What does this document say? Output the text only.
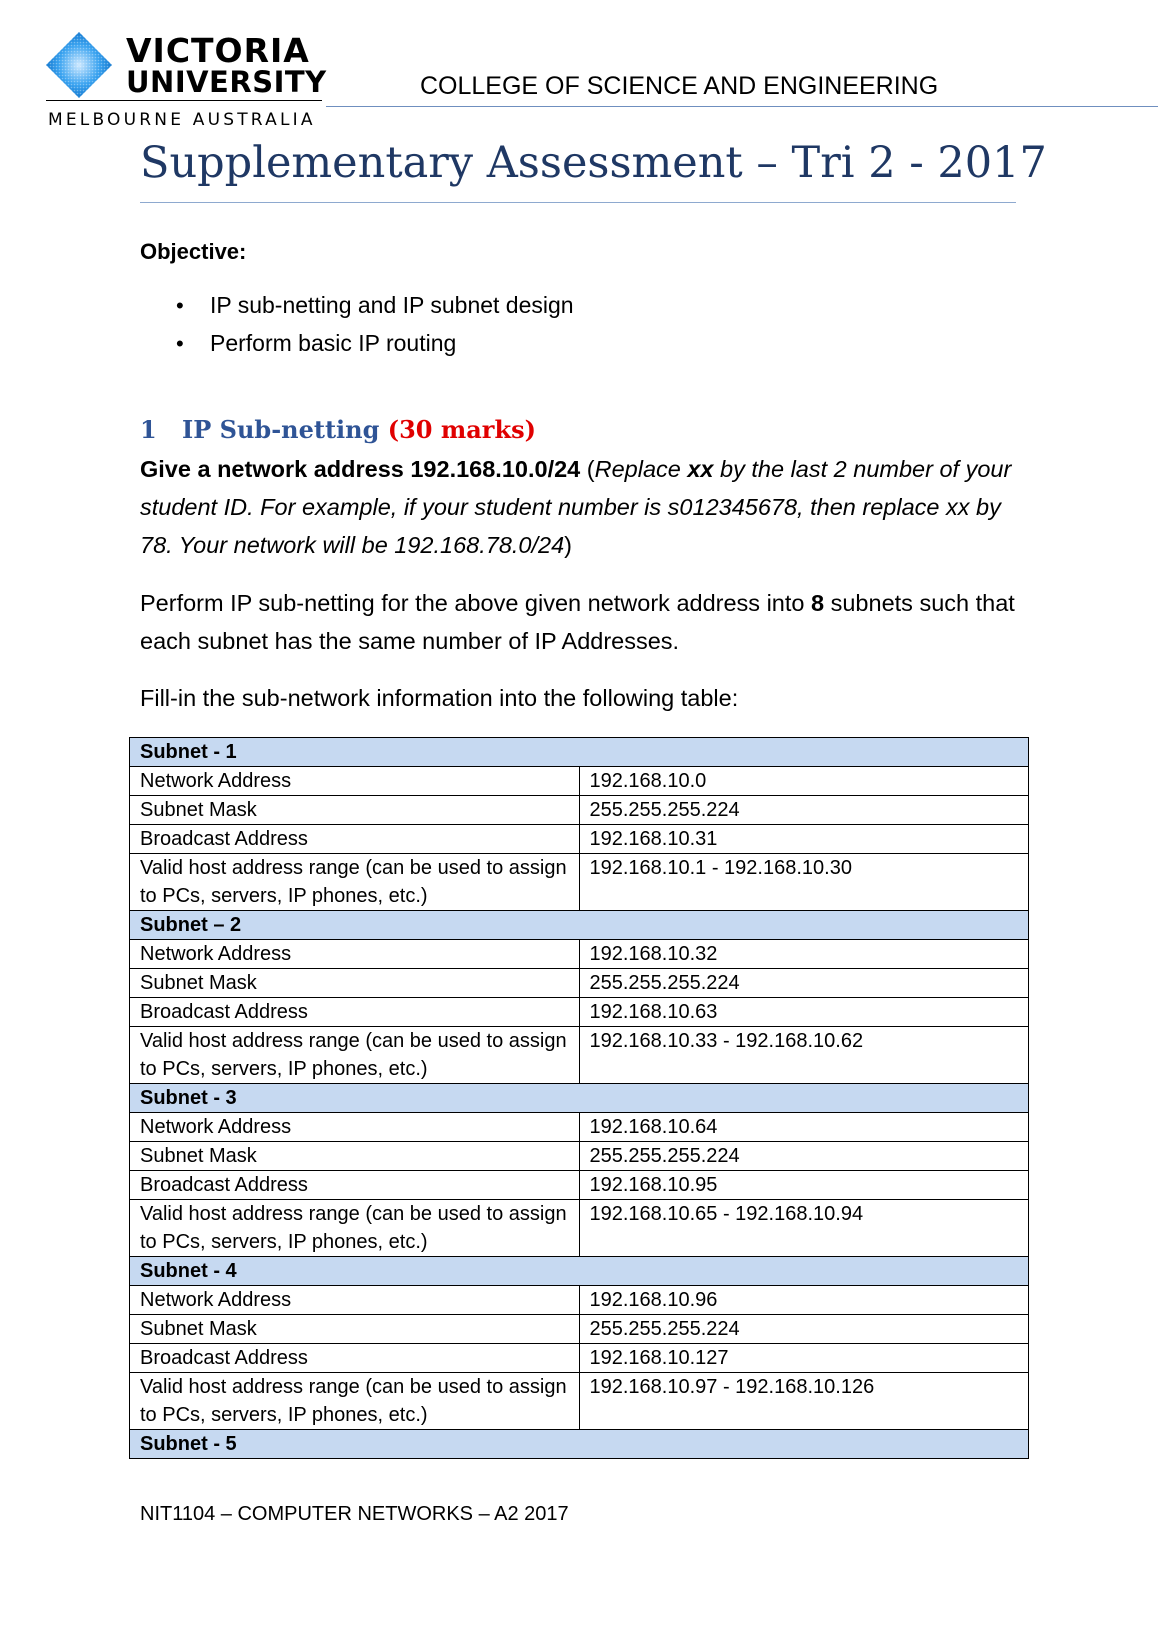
VICTORIA
UNIVERSITY
MELBOURNE AUSTRALIA
COLLEGE OF SCIENCE AND ENGINEERING
Supplementary Assessment – Tri 2 - 2017
Objective:
•	IP sub-netting and IP subnet design
•	Perform basic IP routing
1 IP Sub-netting (30 marks)
Give a network address 192.168.10.0/24 (Replace xx by the last 2 number of your student ID. For example, if your student number is s012345678, then replace xx by 78. Your network will be 192.168.78.0/24)
Perform IP sub-netting for the above given network address into 8 subnets such that each subnet has the same number of IP Addresses.
Fill-in the sub-network information into the following table:
Subnet - 1	
Network Address	192.168.10.0
Subnet Mask	255.255.255.224
Broadcast Address	192.168.10.31
Valid host address range (can be used to assign to PCs, servers, IP phones, etc.)	192.168.10.1 - 192.168.10.30
Subnet – 2	
Network Address	192.168.10.32
Subnet Mask	255.255.255.224
Broadcast Address	192.168.10.63
Valid host address range (can be used to assign to PCs, servers, IP phones, etc.)	192.168.10.33 - 192.168.10.62
Subnet - 3	
Network Address	192.168.10.64
Subnet Mask	255.255.255.224
Broadcast Address	192.168.10.95
Valid host address range (can be used to assign to PCs, servers, IP phones, etc.)	192.168.10.65 - 192.168.10.94
Subnet - 4	
Network Address	192.168.10.96
Subnet Mask	255.255.255.224
Broadcast Address	192.168.10.127
Valid host address range (can be used to assign to PCs, servers, IP phones, etc.)	192.168.10.97 - 192.168.10.126
Subnet - 5	
NIT1104 – COMPUTER NETWORKS – A2 2017
